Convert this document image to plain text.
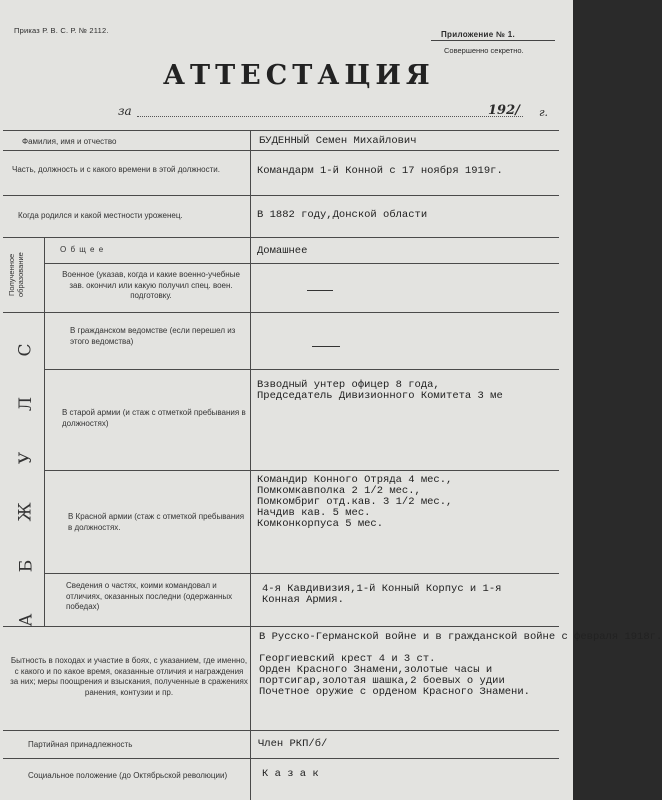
Приказ Р. В. С. Р. № 2112.	Приложение № 1.
Совершенно секретно.
АТТЕСТАЦИЯ
за	192/ г.
Фамилия, имя и отчество
Часть, должность и с какого времени в этой должности.
Когда родился и какой местности уроженец.
Полученное образование
О б щ е е
Военное (указав, когда и какие военно-учебные зав. окончил или какую получил спец. воен. подготовку.
С
Л
У
Ж
Б
А
В гражданском ведомстве (если перешел из этого ведомства)
В старой армии (и стаж с отметкой пребывания в должностях)
В Красной армии (стаж с отметкой пребывания в должностях.
Сведения о частях, коими командовал и отличиях, оказанных последни (одержанных победах)
Бытность в походах и участие в боях, с указанием, где именно, с какого и по какое время, оказанные отличия и награждения за них; меры поощрения и взыскания, полученные в сражениях ранения, контузии и пр.
Партийная принадлежность
Социальное положение (до Октябрьской революции)
БУДЕННЫЙ Семен Михайлович
Командарм 1-й Конной с 17 ноября 1919г.
В 1882 году,Донской области
Домашнее
Взводный унтер офицер 8 года,
Председатель Дивизионного Комитета 3 ме
Командир Конного Отряда 4 мес.,
Помкомкавполка 2 1/2 мес.,
Помкомбриг отд.кав. 3 1/2 мес.,
Начдив кав. 5 мес.
Комконкорпуса 5 мес.
4-я Кавдивизия,1-й Конный Корпус и 1-я
Конная Армия.
В Русско-Германской войне и в гражданской войне с февраля 1918г.

Георгиевский крест 4 и 3 ст.
Орден Красного Знамени,золотые часы и
портсигар,золотая шашка,2 боевых о удии
Почетное оружие с орденом Красного Знамени.
Член РКП/б/
К а з а к
